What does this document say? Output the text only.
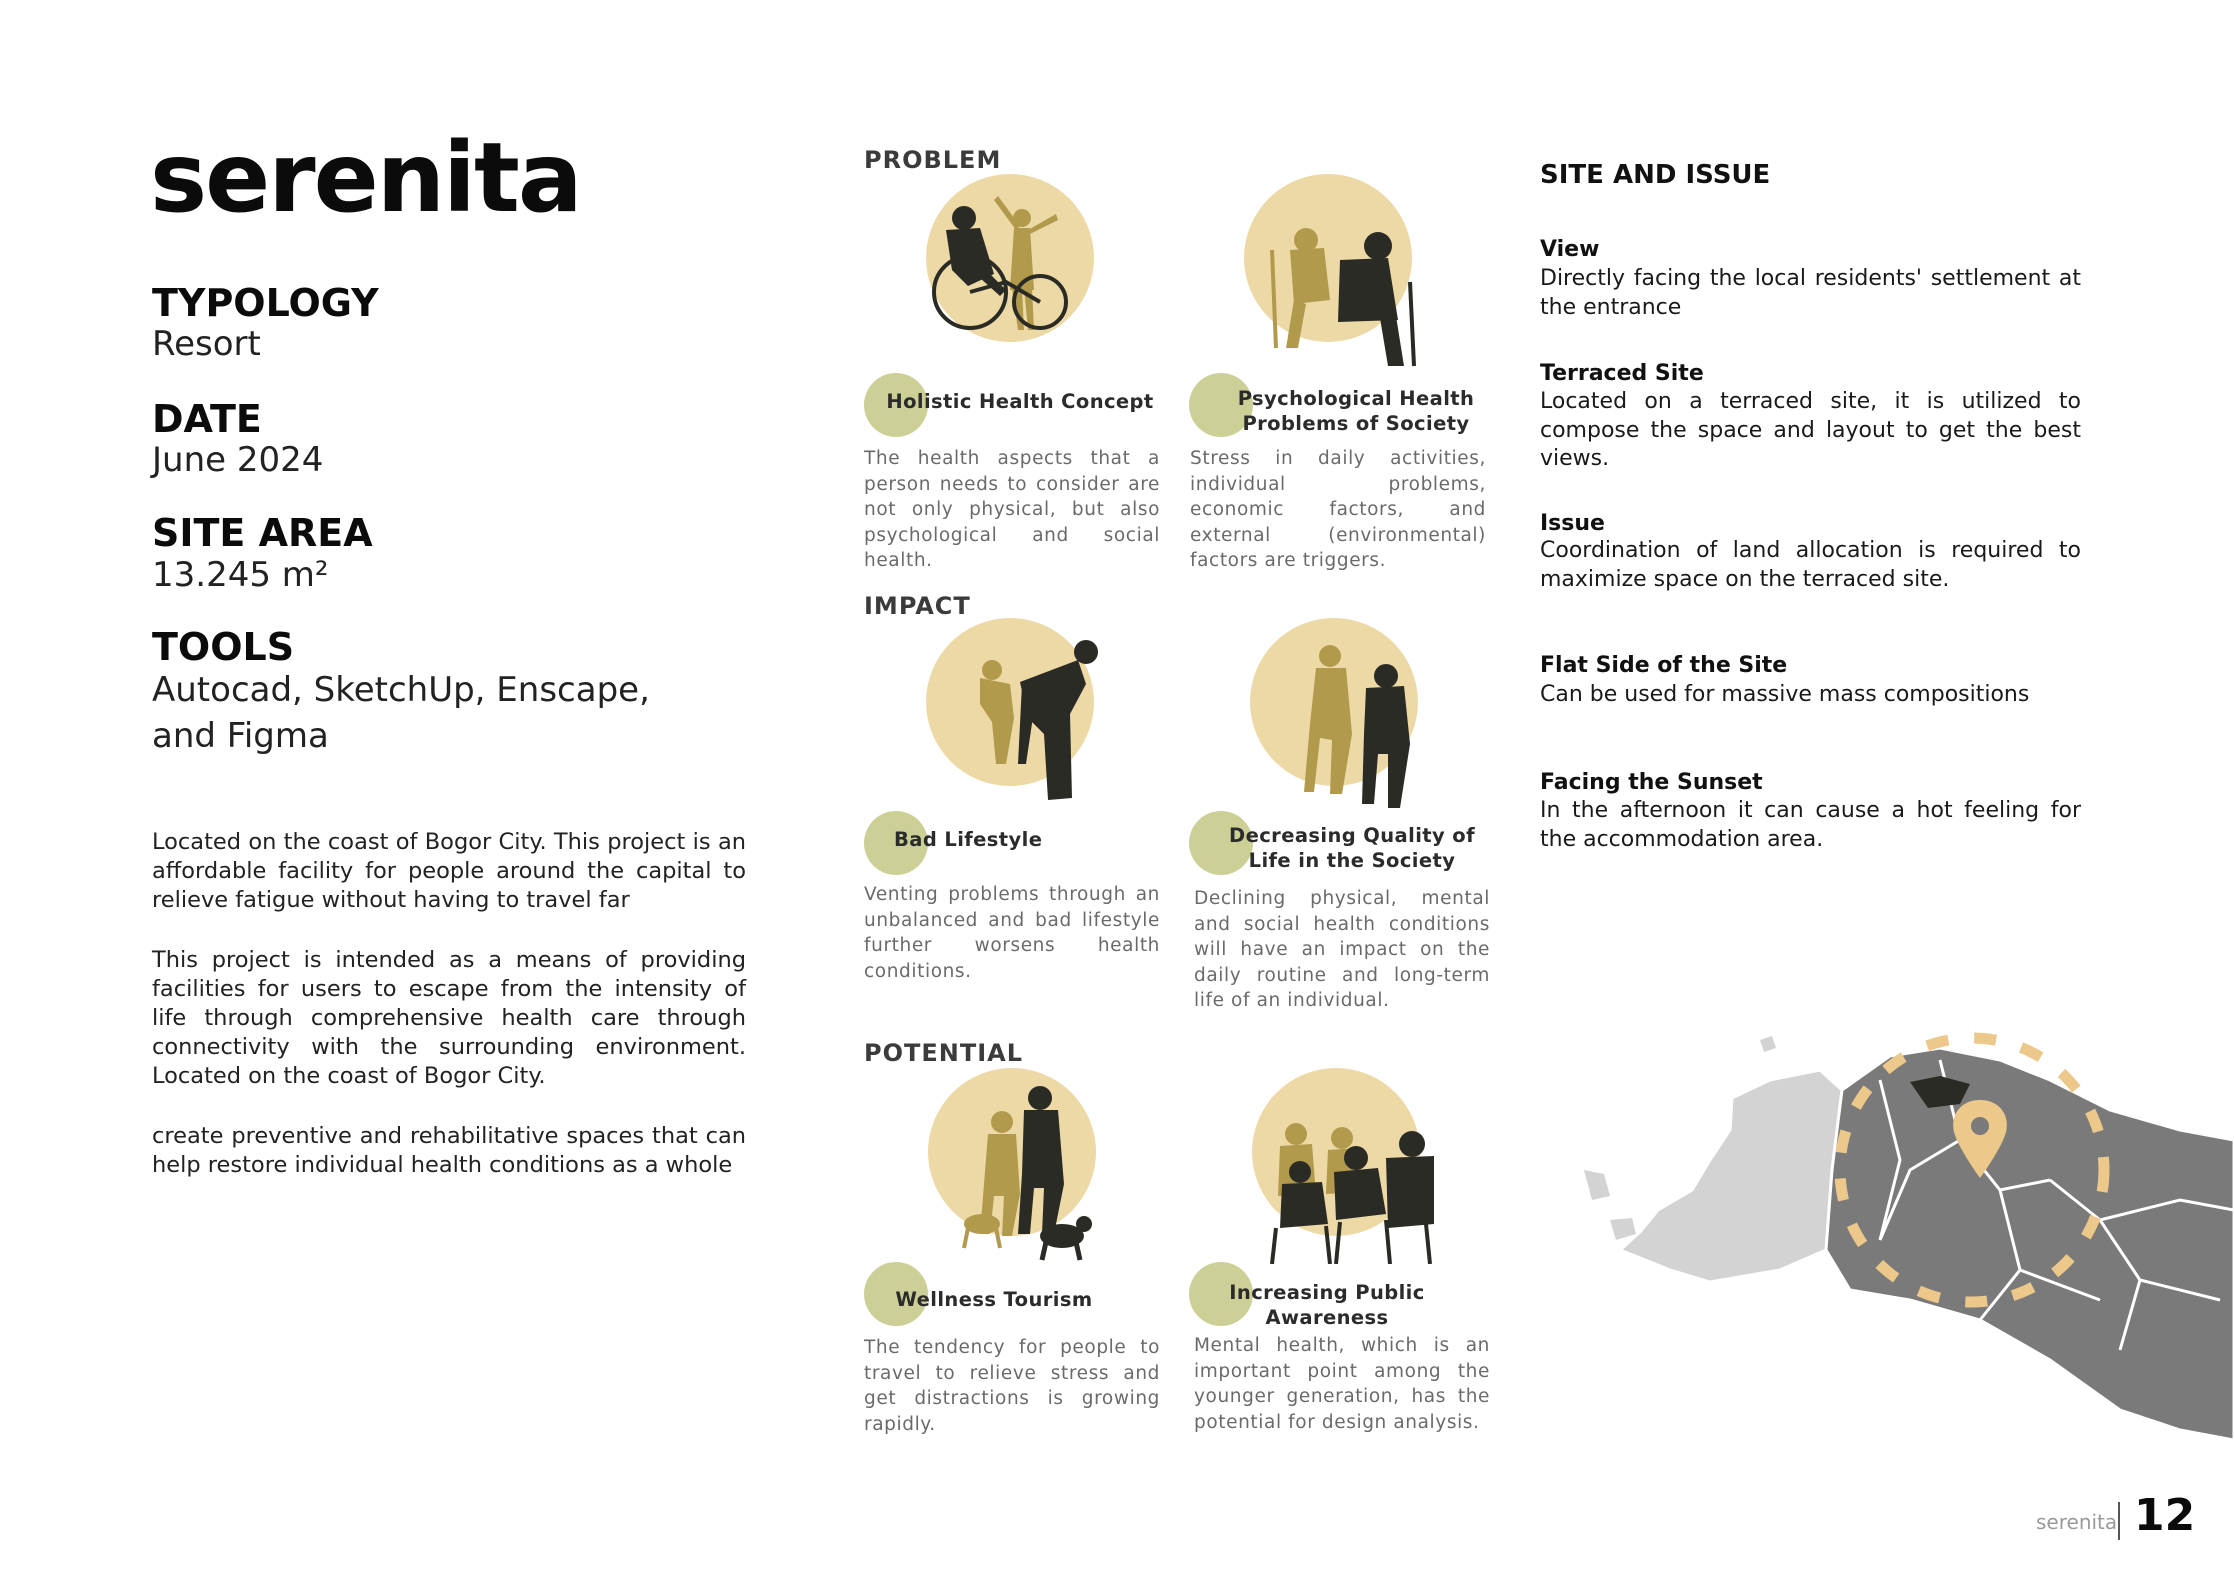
serenita

TYPOLOGY

Resort

DATE

June 2024

SITE AREA

13.245 m²

TOOLS

Autocad, SketchUp, Enscape,

and Figma

Located on the coast of Bogor City. This project is an affordable facility for people around the capital to relieve fatigue without having to travel far

This project is intended as a means of providing facilities for users to escape from the intensity of life through comprehensive health care through connectivity with the surrounding environment. Located on the coast of Bogor City.

create preventive and rehabilitative spaces that can help restore individual health conditions as a whole

PROBLEM

Holistic Health Concept

The health aspects that a person needs to consider are not only physical, but also psychological and social health.

Psychological Health Problems of Society

Stress in daily activities, individual problems, economic factors, and external (environmental) factors are triggers.

IMPACT

Bad Lifestyle

Venting problems through an unbalanced and bad lifestyle further worsens health conditions.

Decreasing Quality of Life in the Society

Declining physical, mental and social health conditions will have an impact on the daily routine and long-term life of an individual.

POTENTIAL

Wellness Tourism

The tendency for people to travel to relieve stress and get distractions is growing rapidly.

Increasing Public Awareness

Mental health, which is an important point among the younger generation, has the potential for design analysis.

SITE AND ISSUE

View

Directly facing the local residents' settlement at the entrance

Terraced Site

Located on a terraced site, it is utilized to compose the space and layout to get the best views.

Issue

Coordination of land allocation is required to maximize space on the terraced site.

Flat Side of the Site

Can be used for massive mass compositions

Facing the Sunset

In the afternoon it can cause a hot feeling for the accommodation area.

serenita 12
